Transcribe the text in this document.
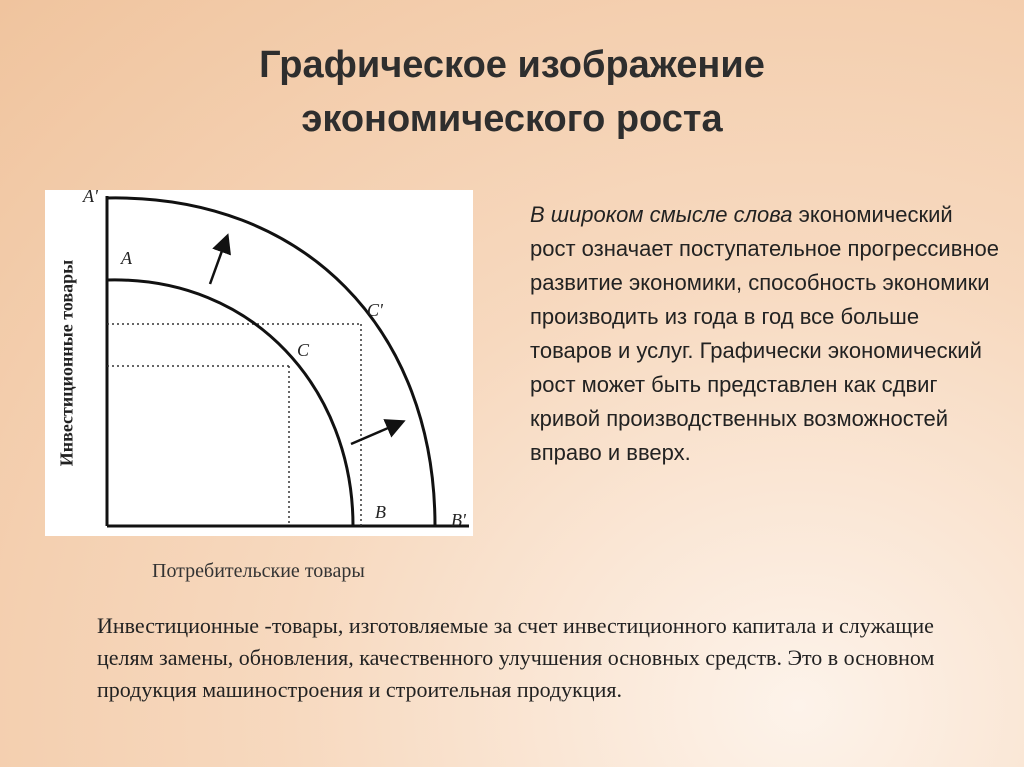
Графическое изображение
экономического роста
Инвестиционные товары
A'
A
C'
C
B	B'
Потребительские товары
В широком смысле слова экономический рост означает поступательное прогрессивное развитие экономики, способность экономики производить из года в год все больше товаров и услуг. Графически экономический рост может быть представлен как сдвиг кривой производственных возможностей вправо и вверх.
Инвестиционные -товары, изготовляемые за счет инвестиционного капитала и служащие целям замены, обновления, качественного улучшения основных средств. Это в основном продукция машиностроения и строительная продукция.
